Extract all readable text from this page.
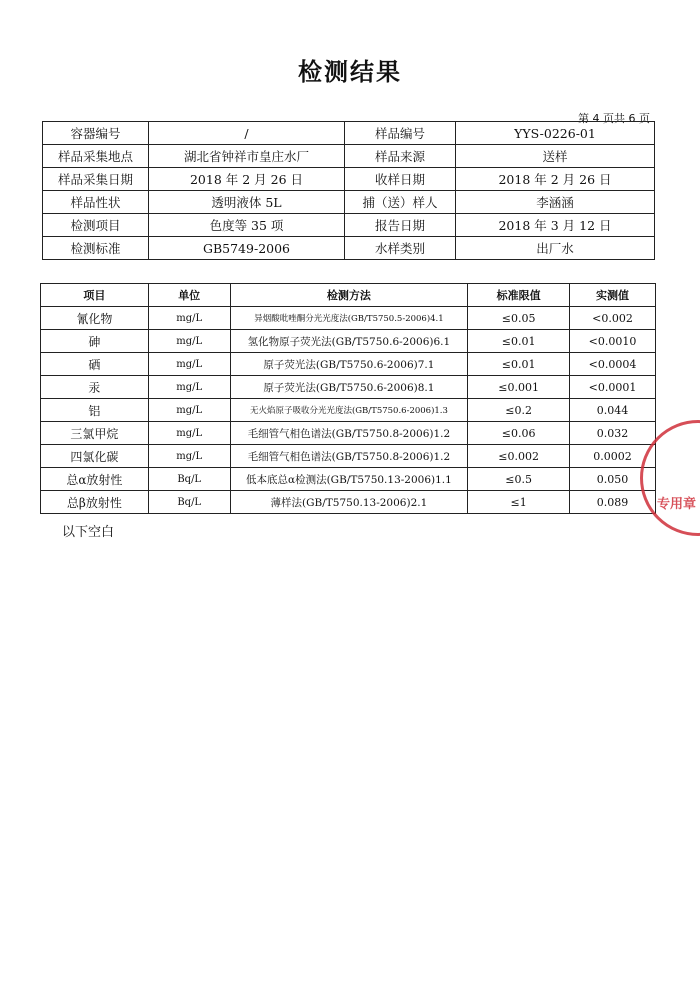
检测结果
第 4 页共 6 页
容器编号	/	样品编号	YYS-0226-01
样品采集地点	湖北省钟祥市皇庄水厂	样品来源	送样
样品采集日期	2018 年 2 月 26 日	收样日期	2018 年 2 月 26 日
样品性状	透明液体 5L	捕（送）样人	李涵涵
检测项目	色度等 35 项	报告日期	2018 年 3 月 12 日
检测标准	GB5749-2006	水样类别	出厂水
项目	单位	检测方法	标准限值	实测值
氰化物	mg/L	异烟酸吡唑酮分光光度法(GB/T5750.5-2006)4.1	≤0.05	<0.002
砷	mg/L	氢化物原子荧光法(GB/T5750.6-2006)6.1	≤0.01	<0.0010
硒	mg/L	原子荧光法(GB/T5750.6-2006)7.1	≤0.01	<0.0004
汞	mg/L	原子荧光法(GB/T5750.6-2006)8.1	≤0.001	<0.0001
铝	mg/L	无火焰原子吸收分光光度法(GB/T5750.6-2006)1.3	≤0.2	0.044
三氯甲烷	mg/L	毛细管气相色谱法(GB/T5750.8-2006)1.2	≤0.06	0.032
四氯化碳	mg/L	毛细管气相色谱法(GB/T5750.8-2006)1.2	≤0.002	0.0002
总α放射性	Bq/L	低本底总α检测法(GB/T5750.13-2006)1.1	≤0.5	0.050
总β放射性	Bq/L	薄样法(GB/T5750.13-2006)2.1	≤1	0.089
以下空白
专用章
